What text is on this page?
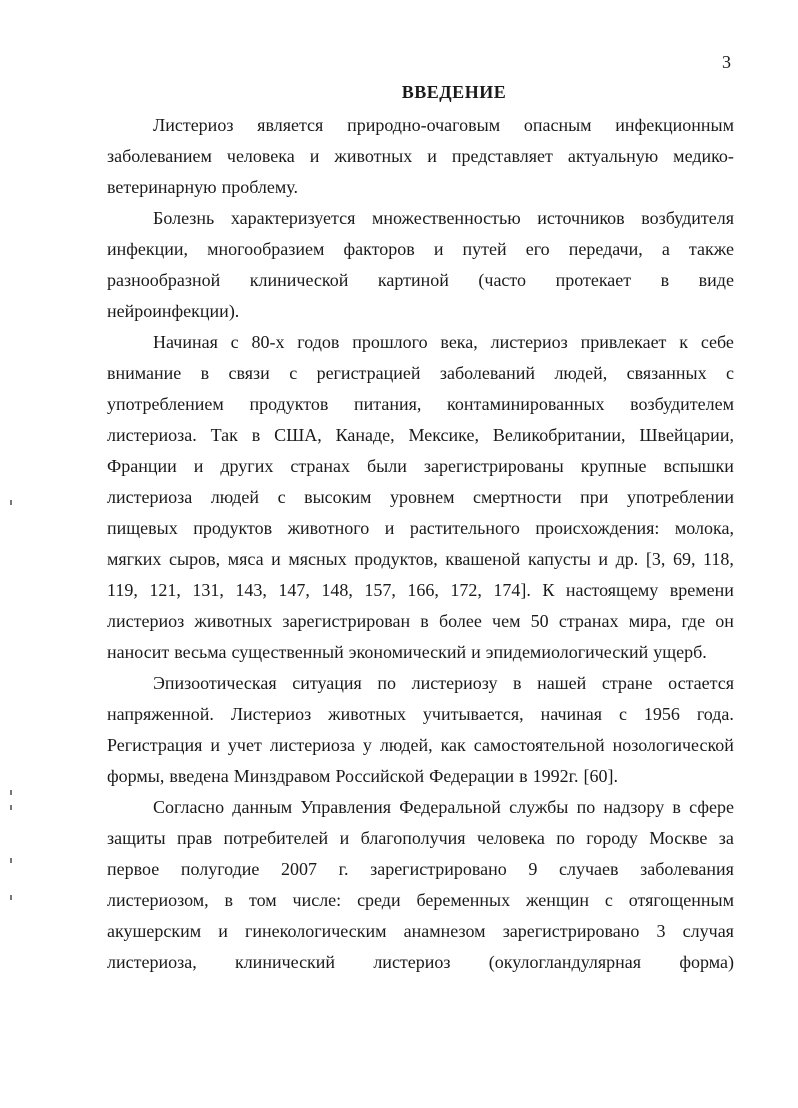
3
ВВЕДЕНИЕ
Листериоз является природно-очаговым опасным инфекционным
заболеванием человека и животных и представляет актуальную медико-
ветеринарную проблему.
Болезнь характеризуется множественностью источников возбудителя
инфекции, многообразием факторов и путей его передачи, а также
разнообразной клинической картиной (часто протекает в виде
нейроинфекции).
Начиная с 80-х годов прошлого века, листериоз привлекает к себе
внимание в связи с регистрацией заболеваний людей, связанных с
употреблением продуктов питания, контаминированных возбудителем
листериоза. Так в США, Канаде, Мексике, Великобритании, Швейцарии,
Франции и других странах были зарегистрированы крупные вспышки
листериоза людей с высоким уровнем смертности при употреблении
пищевых продуктов животного и растительного происхождения: молока,
мягких сыров, мяса и мясных продуктов, квашеной капусты и др. [3, 69, 118,
119, 121, 131, 143, 147, 148, 157, 166, 172, 174]. К настоящему времени
листериоз животных зарегистрирован в более чем 50 странах мира, где он
наносит весьма существенный экономический и эпидемиологический ущерб.
Эпизоотическая ситуация по листериозу в нашей стране остается
напряженной. Листериоз животных учитывается, начиная с 1956 года.
Регистрация и учет листериоза у людей, как самостоятельной нозологической
формы, введена Минздравом Российской Федерации в 1992г. [60].
Согласно данным Управления Федеральной службы по надзору в сфере
защиты прав потребителей и благополучия человека по городу Москве за
первое полугодие 2007 г. зарегистрировано 9 случаев заболевания
листериозом, в том числе: среди беременных женщин с отягощенным
акушерским и гинекологическим анамнезом зарегистрировано 3 случая
листериоза, клинический листериоз (окулогландулярная форма)
